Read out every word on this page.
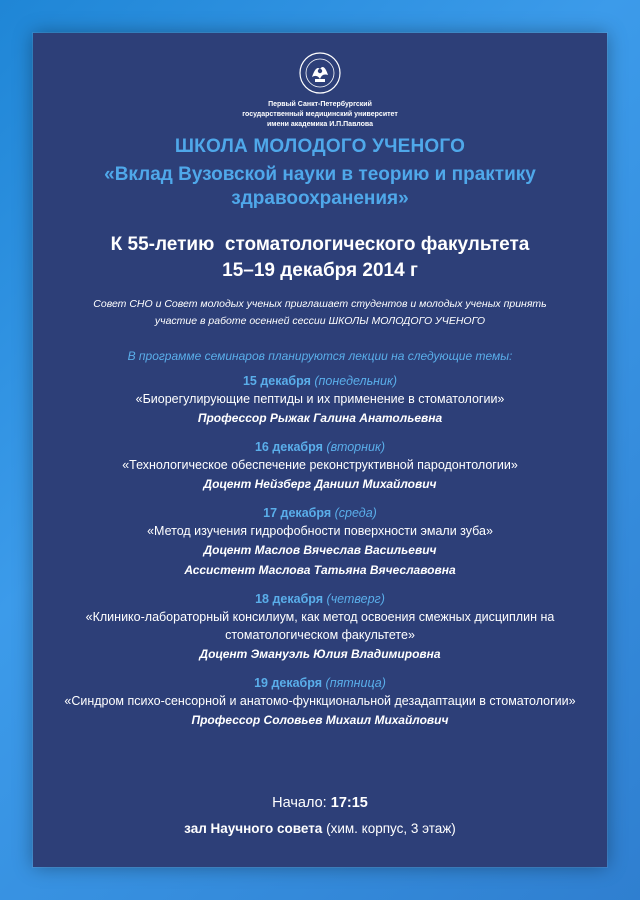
Первый Санкт-Петербургский
государственный медицинский университет
имени академика И.П.Павлова
ШКОЛА МОЛОДОГО УЧЕНОГО
«Вклад Вузовской науки в теорию и практику здравоохранения»
К 55-летию  стоматологического факультета
15–19 декабря 2014 г
Совет СНО и Совет молодых ученых приглашает студентов и молодых ученых принять
участие в работе осенней сессии ШКОЛЫ МОЛОДОГО УЧЕНОГО
В программе семинаров планируются лекции на следующие темы:
15 декабря (понедельник)
«Биорегулирующие пептиды и их применение в стоматологии»
Профессор Рыжак Галина Анатольевна
16 декабря (вторник)
«Технологическое обеспечение реконструктивной пародонтологии»
Доцент Нейзберг Даниил Михайлович
17 декабря (среда)
«Метод изучения гидрофобности поверхности эмали зуба»
Доцент Маслов Вячеслав Васильевич
Ассистент Маслова Татьяна Вячеславовна
18 декабря (четверг)
«Клинико-лабораторный консилиум, как метод освоения смежных дисциплин на стоматологическом факультете»
Доцент Эмануэль Юлия Владимировна
19 декабря (пятница)
«Синдром психо-сенсорной и анатомо-функциональной дезадаптации в стоматологии»
Профессор Соловьев Михаил Михайлович
Начало: 17:15
зал Научного совета (хим. корпус, 3 этаж)
